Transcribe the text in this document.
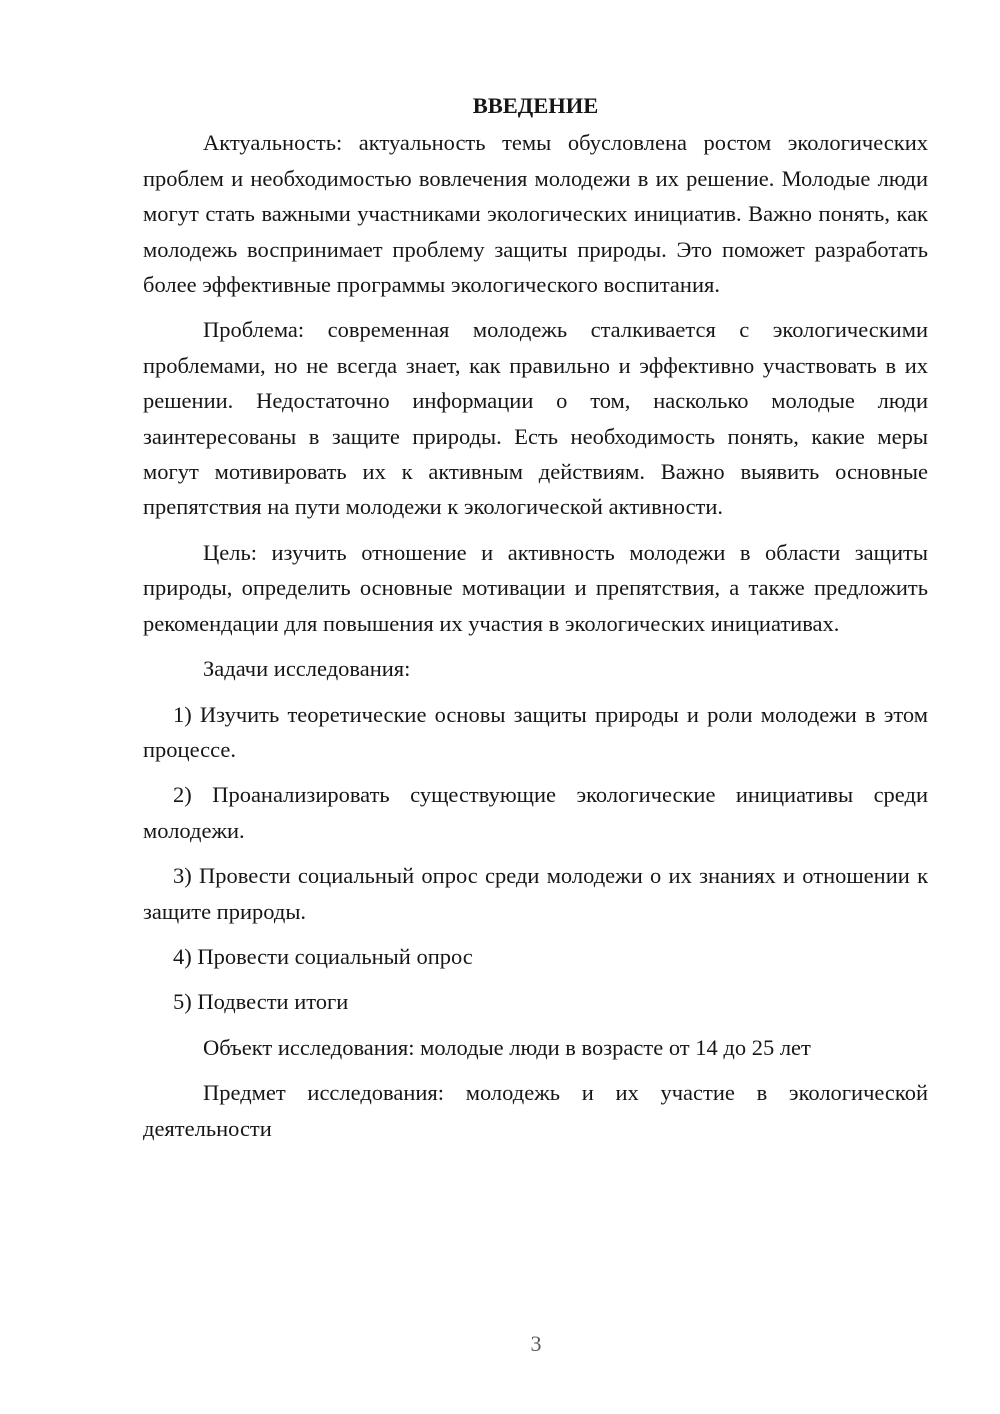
ВВЕДЕНИЕ

Актуальность: актуальность темы обусловлена ростом экологических проблем и необходимостью вовлечения молодежи в их решение. Молодые люди могут стать важными участниками экологических инициатив. Важно понять, как молодежь воспринимает проблему защиты природы. Это поможет разработать более эффективные программы экологического воспитания.

Проблема: современная молодежь сталкивается с экологическими проблемами, но не всегда знает, как правильно и эффективно участвовать в их решении. Недостаточно информации о том, насколько молодые люди заинтересованы в защите природы. Есть необходимость понять, какие меры могут мотивировать их к активным действиям. Важно выявить основные препятствия на пути молодежи к экологической активности.

Цель: изучить отношение и активность молодежи в области защиты природы, определить основные мотивации и препятствия, а также предложить рекомендации для повышения их участия в экологических инициативах.

Задачи исследования:

1) Изучить теоретические основы защиты природы и роли молодежи в этом процессе.

2) Проанализировать существующие экологические инициативы среди молодежи.

3) Провести социальный опрос среди молодежи о их знаниях и отношении к защите природы.

4) Провести социальный опрос

5) Подвести итоги

Объект исследования: молодые люди в возрасте от 14 до 25 лет

Предмет исследования: молодежь и их участие в экологической деятельности

3
